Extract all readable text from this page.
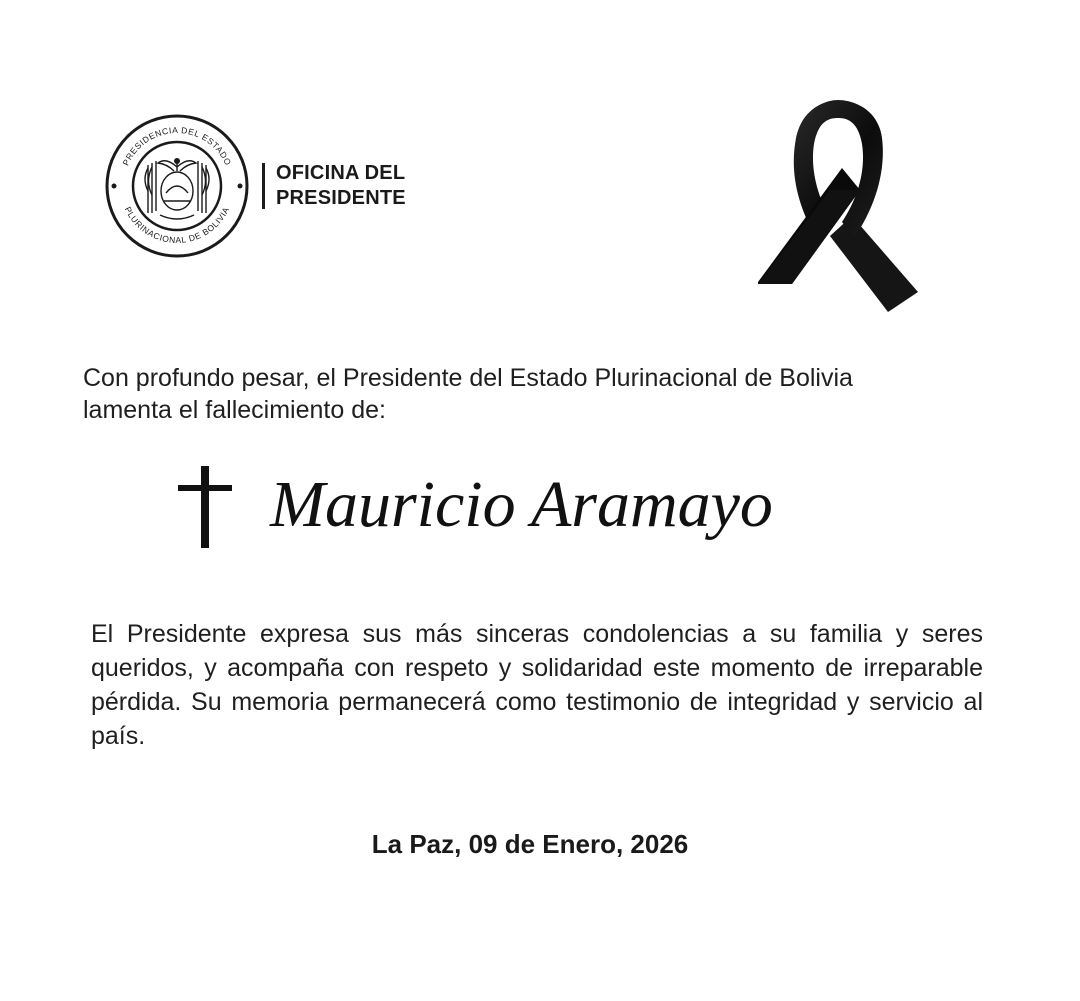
PRESIDENCIA DEL ESTADO
PLURINACIONAL DE BOLIVIA
OFICINA DEL
PRESIDENTE
Con profundo pesar, el Presidente del Estado Plurinacional de Bolivia
lamenta el fallecimiento de:
Mauricio Aramayo

El Presidente expresa sus más sinceras condolencias a su familia y seres queridos, y acompaña con respeto y solidaridad este momento de irreparable pérdida. Su memoria permanecerá como testimonio de integridad y servicio al país.

La Paz, 09 de Enero, 2026
